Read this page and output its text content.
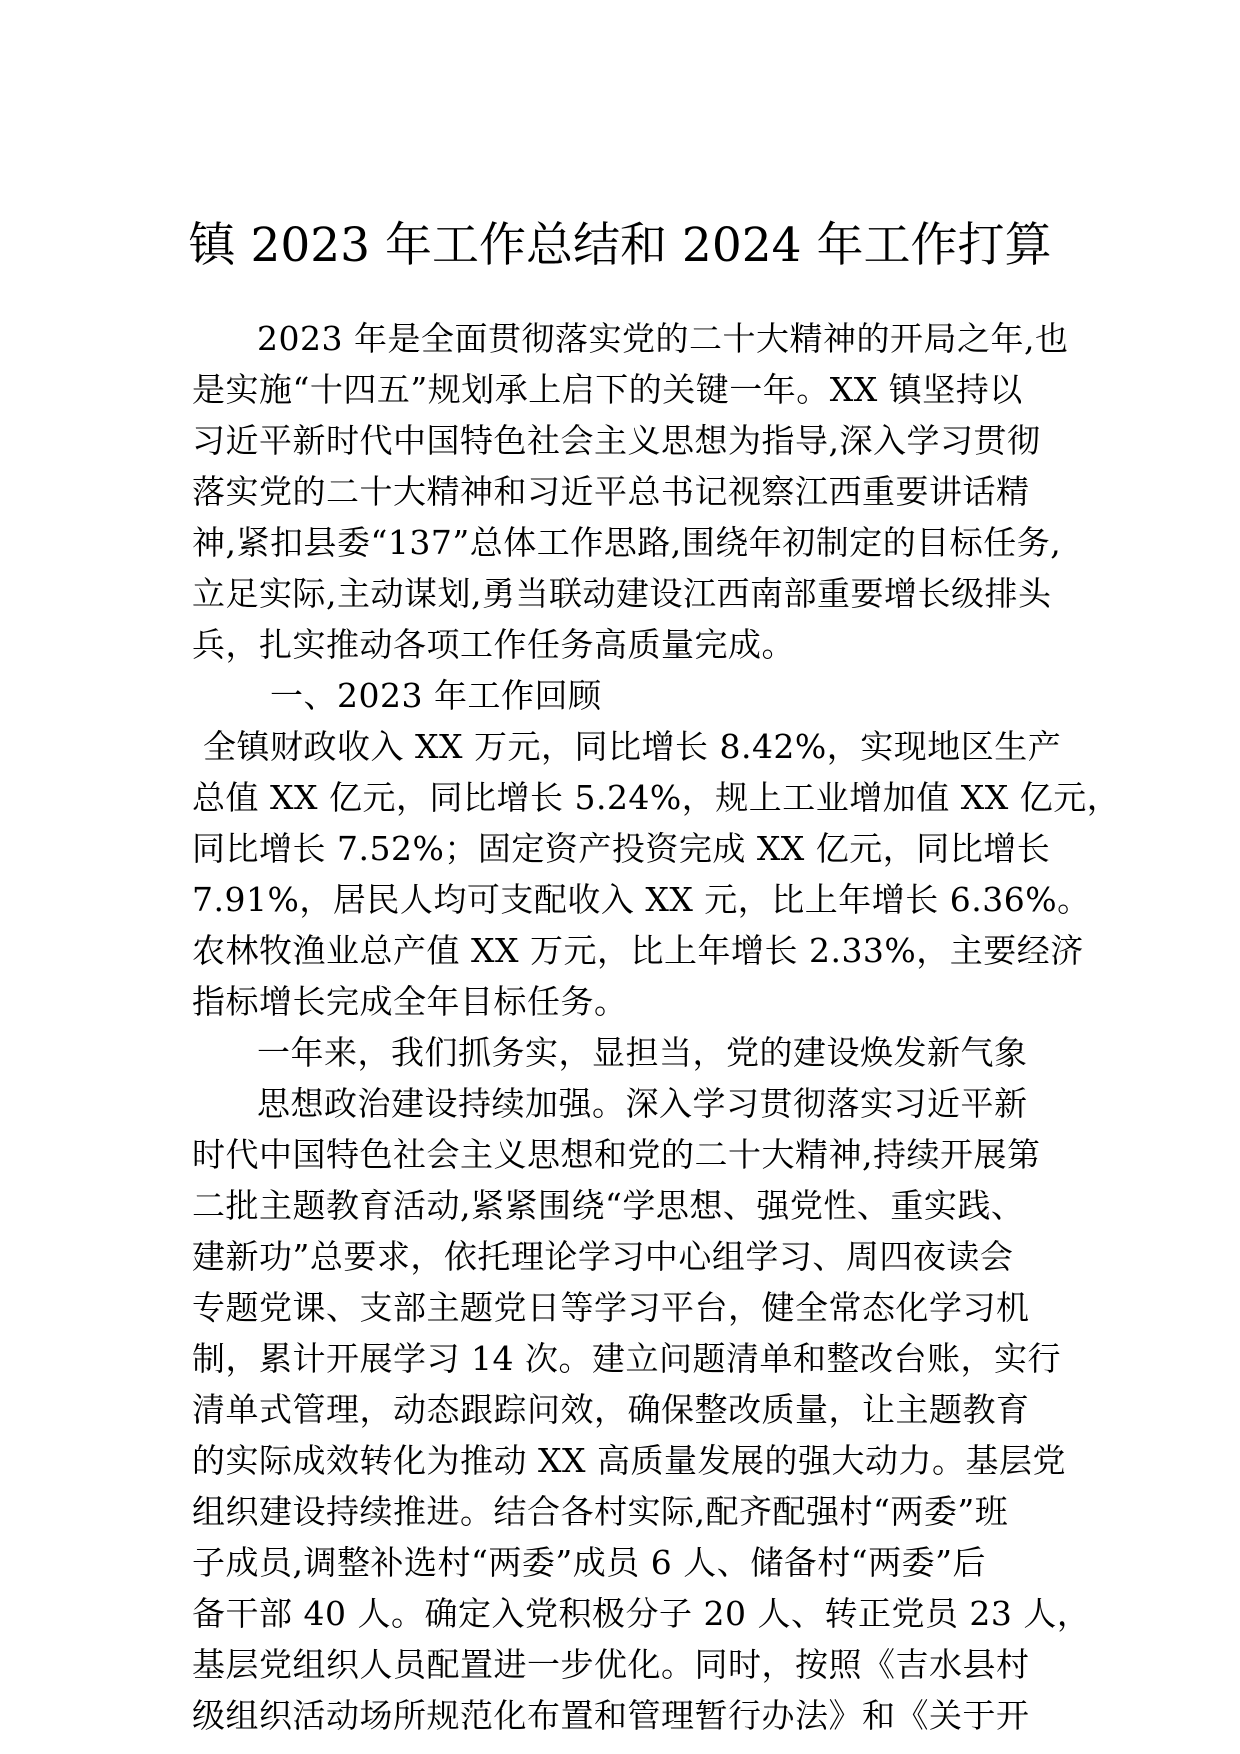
镇 2023 年工作总结和 2024 年工作打算
2023 年是全面贯彻落实党的二十大精神的开局之年,也
是实施“十四五”规划承上启下的关键一年。XX 镇坚持以
习近平新时代中国特色社会主义思想为指导,深入学习贯彻
落实党的二十大精神和习近平总书记视察江西重要讲话精
神,紧扣县委“137”总体工作思路,围绕年初制定的目标任务,
立足实际,主动谋划,勇当联动建设江西南部重要增长级排头
兵，扎实推动各项工作任务高质量完成。
一、2023 年工作回顾
全镇财政收入 XX 万元，同比增长 8.42%，实现地区生产
总值 XX 亿元，同比增长 5.24%，规上工业增加值 XX 亿元，
同比增长 7.52%；固定资产投资完成 XX 亿元，同比增长
7.91%，居民人均可支配收入 XX 元，比上年增长 6.36%。
农林牧渔业总产值 XX 万元，比上年增长 2.33%，主要经济
指标增长完成全年目标任务。
一年来，我们抓务实，显担当，党的建设焕发新气象
思想政治建设持续加强。深入学习贯彻落实习近平新
时代中国特色社会主义思想和党的二十大精神,持续开展第
二批主题教育活动,紧紧围绕“学思想、强党性、重实践、
建新功”总要求，依托理论学习中心组学习、周四夜读会
专题党课、支部主题党日等学习平台，健全常态化学习机
制，累计开展学习 14 次。建立问题清单和整改台账，实行
清单式管理，动态跟踪问效，确保整改质量，让主题教育
的实际成效转化为推动 XX 高质量发展的强大动力。基层党
组织建设持续推进。结合各村实际,配齐配强村“两委”班
子成员,调整补选村“两委”成员 6 人、储备村“两委”后
备干部 40 人。确定入党积极分子 20 人、转正党员 23 人，
基层党组织人员配置进一步优化。同时，按照《吉水县村
级组织活动场所规范化布置和管理暂行办法》和《关于开
